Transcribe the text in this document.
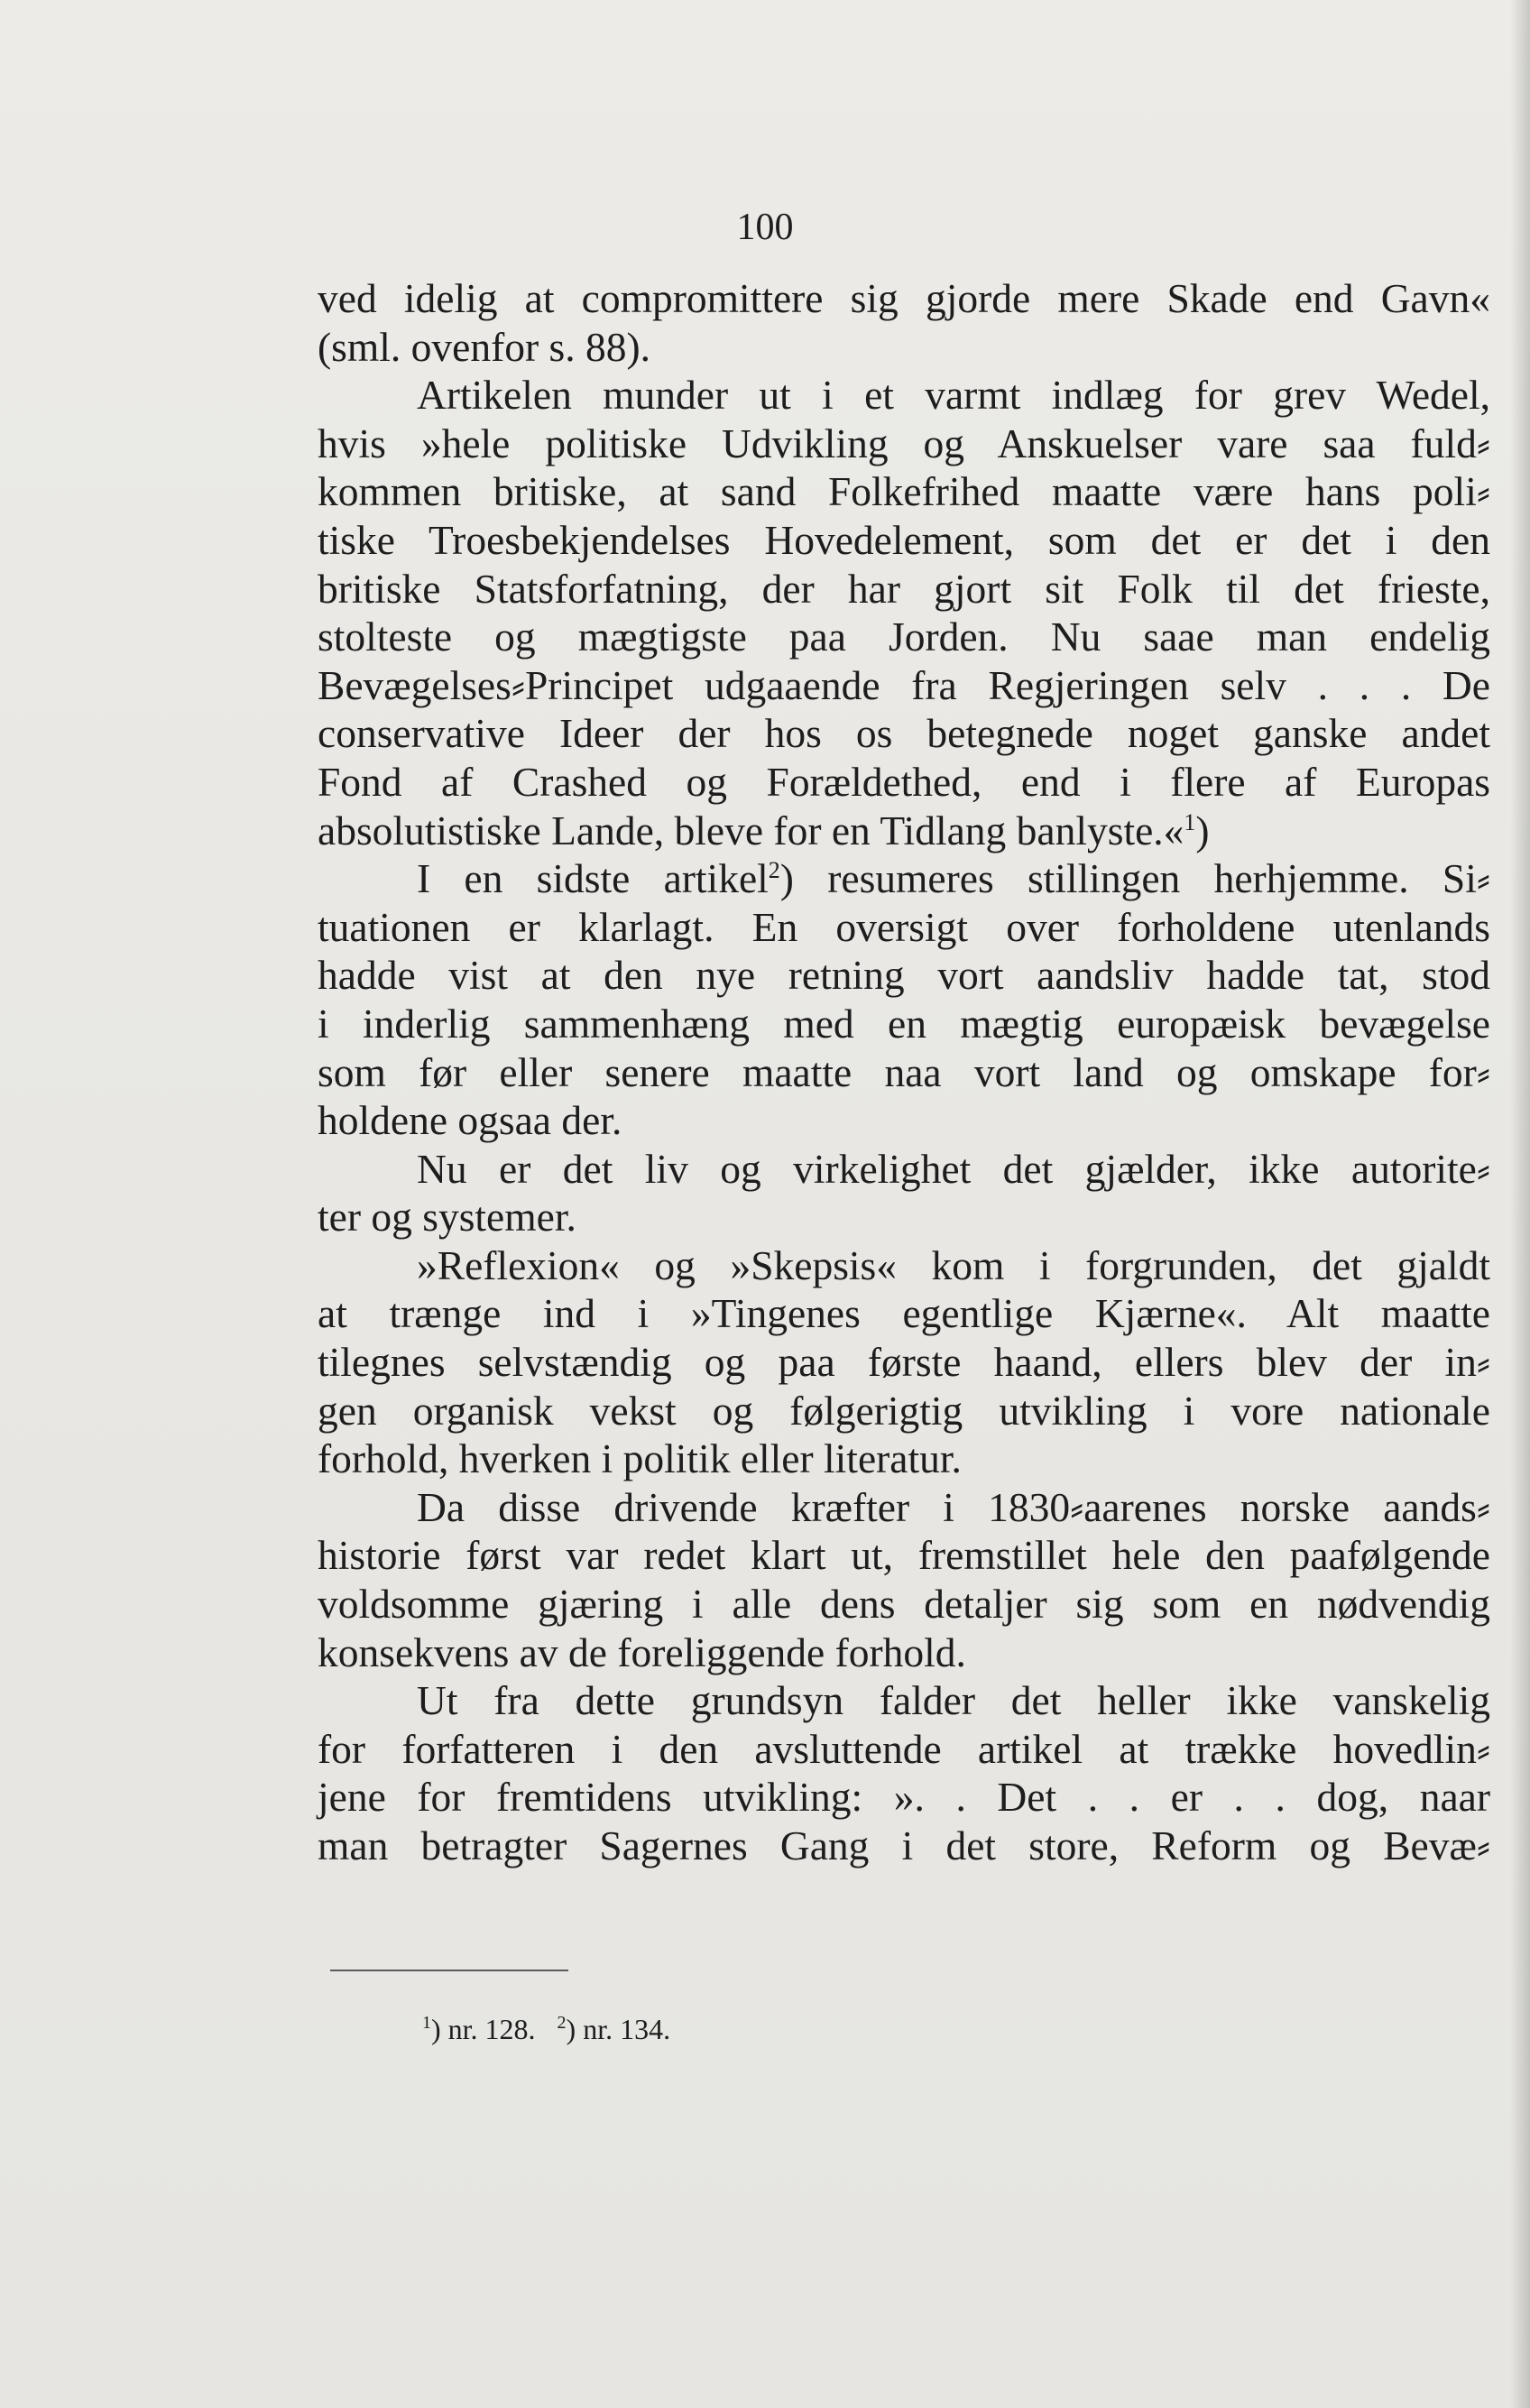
100
ved idelig at compromittere sig gjorde mere Skade end Gavn«
(sml. ovenfor s. 88).
Artikelen munder ut i et varmt indlæg for grev Wedel,
hvis »hele politiske Udvikling og Anskuelser vare saa fuld⸗
kommen britiske, at sand Folkefrihed maatte være hans poli⸗
tiske Troesbekjendelses Hovedelement, som det er det i den
britiske Statsforfatning, der har gjort sit Folk til det frieste,
stolteste og mægtigste paa Jorden. Nu saae man endelig
Bevægelses⸗Principet udgaaende fra Regjeringen selv . . . De
conservative Ideer der hos os betegnede noget ganske andet
Fond af Crashed og Forældethed, end i flere af Europas
absolutistiske Lande, bleve for en Tidlang banlyste.«$^1$)
I en sidste artikel$^2$) resumeres stillingen herhjemme. Si⸗
tuationen er klarlagt. En oversigt over forholdene utenlands
hadde vist at den nye retning vort aandsliv hadde tat, stod
i inderlig sammenhæng med en mægtig europæisk bevægelse
som før eller senere maatte naa vort land og omskape for⸗
holdene ogsaa der.
Nu er det liv og virkelighet det gjælder, ikke autorite⸗
ter og systemer.
»Reflexion« og »Skepsis« kom i forgrunden, det gjaldt
at trænge ind i »Tingenes egentlige Kjærne«. Alt maatte
tilegnes selvstændig og paa første haand, ellers blev der in⸗
gen organisk vekst og følgerigtig utvikling i vore nationale
forhold, hverken i politik eller literatur.
Da disse drivende kræfter i 1830⸗aarenes norske aands⸗
historie først var redet klart ut, fremstillet hele den paafølgende
voldsomme gjæring i alle dens detaljer sig som en nødvendig
konsekvens av de foreliggende forhold.
Ut fra dette grundsyn falder det heller ikke vanskelig
for forfatteren i den avsluttende artikel at trække hovedlin⸗
jene for fremtidens utvikling: ». . Det . . er . . dog, naar
man betragter Sagernes Gang i det store, Reform og Bevæ⸗
$^1$) nr. 128. $^2$) nr. 134.
